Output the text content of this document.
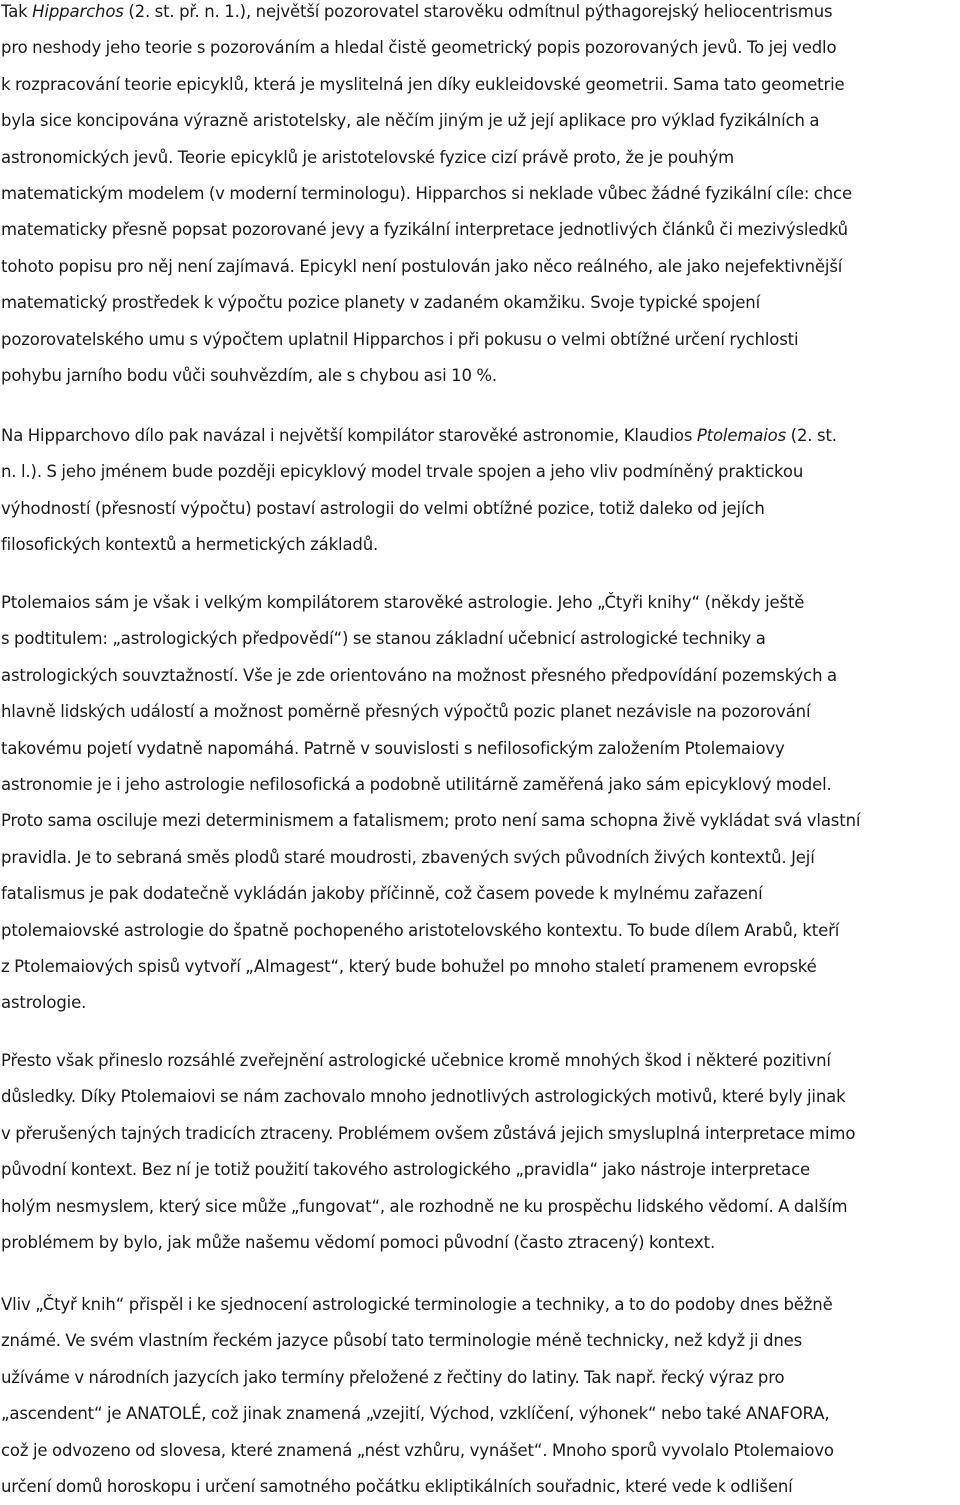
Tak Hipparchos (2. st. př. n. 1.), největší pozorovatel starověku odmítnul pýthagorejský heliocentrismus
pro neshody jeho teorie s pozorováním a hledal čistě geometrický popis pozorovaných jevů. To jej vedlo
k rozpracování teorie epicyklů, která je myslitelná jen díky eukleidovské geometrii. Sama tato geometrie
byla sice koncipována výrazně aristotelsky, ale něčím jiným je už její aplikace pro výklad fyzikálních a
astronomických jevů. Teorie epicyklů je aristotelovské fyzice cizí právě proto, že je pouhým
matematickým modelem (v moderní terminologu). Hipparchos si neklade vůbec žádné fyzikální cíle: chce
matematicky přesně popsat pozorované jevy a fyzikální interpretace jednotlivých článků či mezivýsledků
tohoto popisu pro něj není zajímavá. Epicykl není postulován jako něco reálného, ale jako nejefektivnější
matematický prostředek k výpočtu pozice planety v zadaném okamžiku. Svoje typické spojení
pozorovatelského umu s výpočtem uplatnil Hipparchos i při pokusu o velmi obtížné určení rychlosti
pohybu jarního bodu vůči souhvězdím, ale s chybou asi 10 %.

Na Hipparchovo dílo pak navázal i největší kompilátor starověké astronomie, Klaudios Ptolemaios (2. st.
n. l.). S jeho jménem bude později epicyklový model trvale spojen a jeho vliv podmíněný praktickou
výhodností (přesností výpočtu) postaví astrologii do velmi obtížné pozice, totiž daleko od jejích
filosofických kontextů a hermetických základů.

Ptolemaios sám je však i velkým kompilátorem starověké astrologie. Jeho „Čtyři knihy“ (někdy ještě
s podtitulem: „astrologických předpovědí“) se stanou základní učebnicí astrologické techniky a
astrologických souvztažností. Vše je zde orientováno na možnost přesného předpovídání pozemských a
hlavně lidských událostí a možnost poměrně přesných výpočtů pozic planet nezávisle na pozorování
takovému pojetí vydatně napomáhá. Patrně v souvislosti s nefilosofickým založením Ptolemaiovy
astronomie je i jeho astrologie nefilosofická a podobně utilitárně zaměřená jako sám epicyklový model.
Proto sama osciluje mezi determinismem a fatalismem; proto není sama schopna živě vykládat svá vlastní
pravidla. Je to sebraná směs plodů staré moudrosti, zbavených svých původních živých kontextů. Její
fatalismus je pak dodatečně vykládán jakoby příčinně, což časem povede k mylnému zařazení
ptolemaiovské astrologie do špatně pochopeného aristotelovského kontextu. To bude dílem Arabů, kteří
z Ptolemaiových spisů vytvoří „Almagest“, který bude bohužel po mnoho staletí pramenem evropské
astrologie.

Přesto však přineslo rozsáhlé zveřejnění astrologické učebnice kromě mnohých škod i některé pozitivní
důsledky. Díky Ptolemaiovi se nám zachovalo mnoho jednotlivých astrologických motivů, které byly jinak
v přerušených tajných tradicích ztraceny. Problémem ovšem zůstává jejich smysluplná interpretace mimo
původní kontext. Bez ní je totiž použití takového astrologického „pravidla“ jako nástroje interpretace
holým nesmyslem, který sice může „fungovat“, ale rozhodně ne ku prospěchu lidského vědomí. A dalším
problémem by bylo, jak může našemu vědomí pomoci původní (často ztracený) kontext.

Vliv „Čtyř knih“ přispěl i ke sjednocení astrologické terminologie a techniky, a to do podoby dnes běžně
známé. Ve svém vlastním řeckém jazyce působí tato terminologie méně technicky, než když ji dnes
užíváme v národních jazycích jako termíny přeložené z řečtiny do latiny. Tak např. řecký výraz pro
„ascendent“ je ANATOLÉ, což jinak znamená „vzejití, Východ, vzklíčení, výhonek“ nebo také ANAFORA,
což je odvozeno od slovesa, které znamená „nést vzhůru, vynášet“. Mnoho sporů vyvolalo Ptolemaiovo
určení domů horoskopu i určení samotného počátku ekliptikálních souřadnic, které vede k odlišení
